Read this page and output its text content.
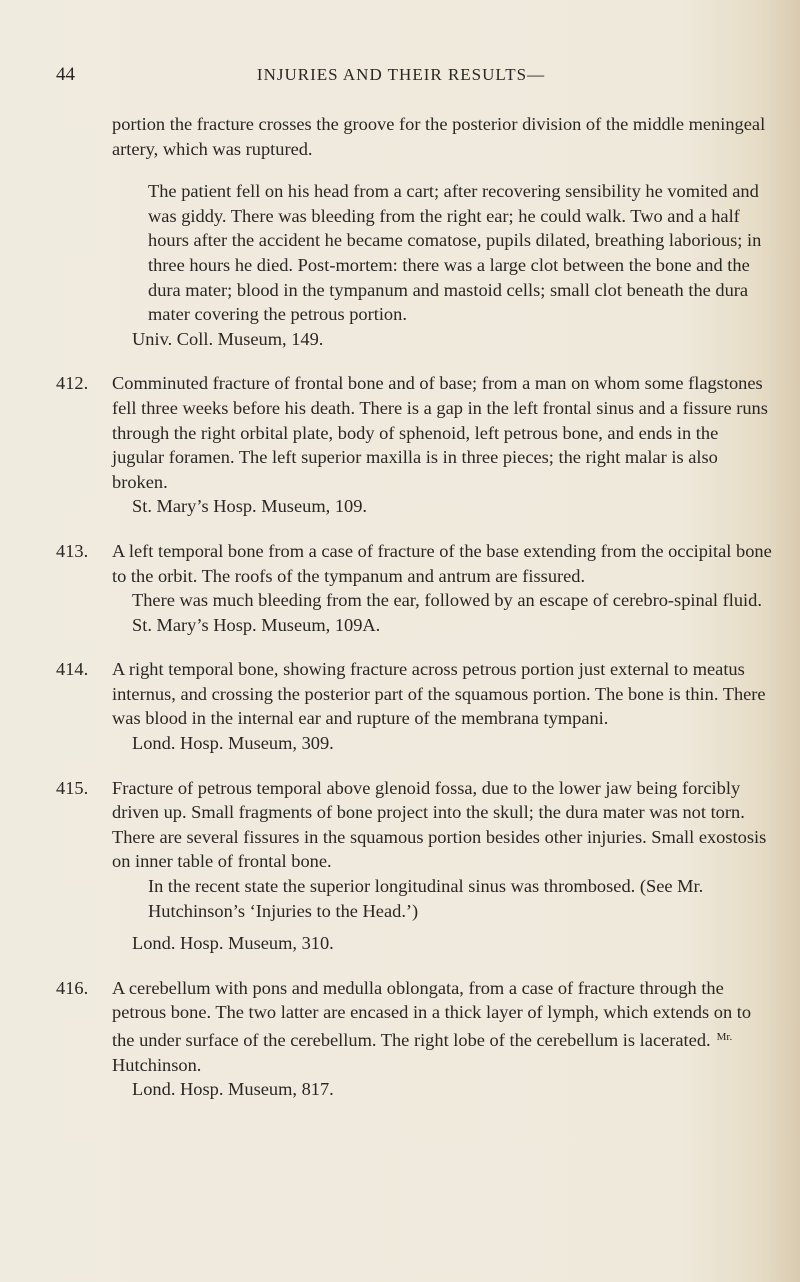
44	INJURIES AND THEIR RESULTS—

portion the fracture crosses the groove for the posterior division of the middle meningeal artery, which was ruptured.

The patient fell on his head from a cart; after recovering sensibility he vomited and was giddy. There was bleeding from the right ear; he could walk. Two and a half hours after the accident he became comatose, pupils dilated, breathing laborious; in three hours he died. Post-mortem: there was a large clot between the bone and the dura mater; blood in the tympanum and mastoid cells; small clot beneath the dura mater covering the petrous portion.

Univ. Coll. Museum, 149.

412. Comminuted fracture of frontal bone and of base; from a man on whom some flagstones fell three weeks before his death. There is a gap in the left frontal sinus and a fissure runs through the right orbital plate, body of sphenoid, left petrous bone, and ends in the jugular foramen. The left superior maxilla is in three pieces; the right malar is also broken.

St. Mary’s Hosp. Museum, 109.

413. A left temporal bone from a case of fracture of the base extending from the occipital bone to the orbit. The roofs of the tympanum and antrum are fissured.

There was much bleeding from the ear, followed by an escape of cerebro-spinal fluid.

St. Mary’s Hosp. Museum, 109A.

414. A right temporal bone, showing fracture across petrous portion just external to meatus internus, and crossing the posterior part of the squamous portion. The bone is thin. There was blood in the internal ear and rupture of the membrana tympani.

Lond. Hosp. Museum, 309.

415. Fracture of petrous temporal above glenoid fossa, due to the lower jaw being forcibly driven up. Small fragments of bone project into the skull; the dura mater was not torn. There are several fissures in the squamous portion besides other injuries. Small exostosis on inner table of frontal bone.

In the recent state the superior longitudinal sinus was thrombosed. (See Mr. Hutchinson’s ‘Injuries to the Head.’)

Lond. Hosp. Museum, 310.

416. A cerebellum with pons and medulla oblongata, from a case of fracture through the petrous bone. The two latter are encased in a thick layer of lymph, which extends on to the under surface of the cerebellum. The right lobe of the cerebellum is lacerated. $^{Mr.}$ Hutchinson.

Lond. Hosp. Museum, 817.
